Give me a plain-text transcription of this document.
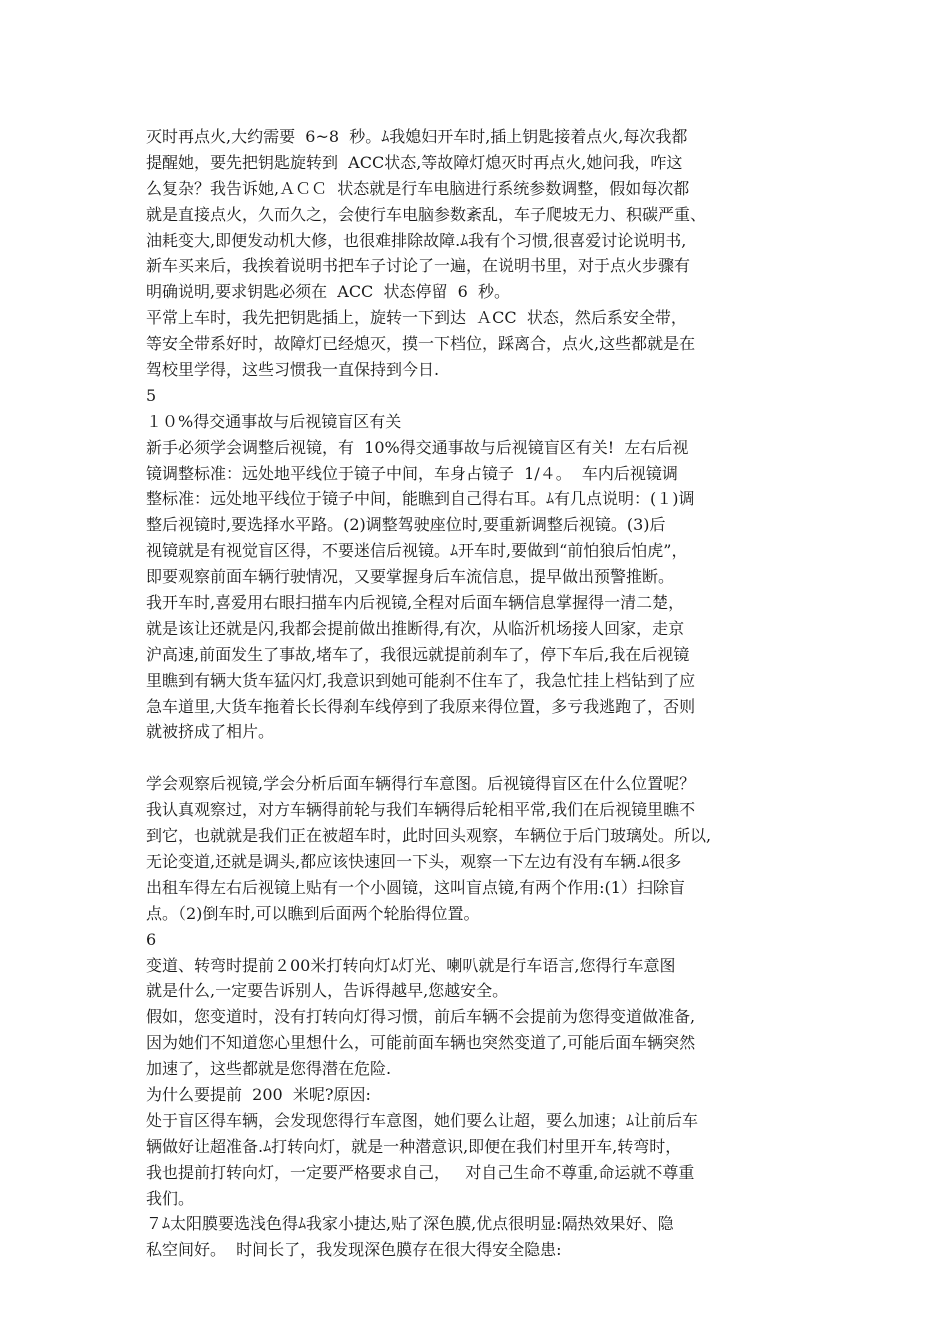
灭时再点火,大约需要  6~8  秒。ﾑ我媳妇开车时,插上钥匙接着点火,每次我都
提醒她，要先把钥匙旋转到  ACC状态,等故障灯熄灭时再点火,她问我，咋这
么复杂？我告诉她,ＡＣＣ  状态就是行车电脑进行系统参数调整，假如每次都
就是直接点火，久而久之，会使行车电脑参数紊乱，车子爬坡无力、积碳严重、
油耗变大,即便发动机大修，也很难排除故障.ﾑ我有个习惯,很喜爱讨论说明书,
新车买来后，我挨着说明书把车子讨论了一遍，在说明书里，对于点火步骤有
明确说明,要求钥匙必须在  ACC  状态停留  6  秒。
平常上车时，我先把钥匙插上，旋转一下到达  ＡCC  状态，然后系安全带，
等安全带系好时，故障灯已经熄灭，摸一下档位，踩离合，点火,这些都就是在
驾校里学得，这些习惯我一直保持到今日.
5
１０%得交通事故与后视镜盲区有关
新手必须学会调整后视镜，有  10%得交通事故与后视镜盲区有关!  左右后视
镜调整标准：远处地平线位于镜子中间，车身占镜子  1/４。  车内后视镜调
整标准：远处地平线位于镜子中间，能瞧到自己得右耳。ﾑ有几点说明：(１)调
整后视镜时,要选择水平路。(2)调整驾驶座位时,要重新调整后视镜。(3)后
视镜就是有视觉盲区得，不要迷信后视镜。ﾑ开车时,要做到“前怕狼后怕虎”，
即要观察前面车辆行驶情况，又要掌握身后车流信息，提早做出预警推断。
我开车时,喜爱用右眼扫描车内后视镜,全程对后面车辆信息掌握得一清二楚，
就是该让还就是闪,我都会提前做出推断得,有次，从临沂机场接人回家，走京
沪高速,前面发生了事故,堵车了，我很远就提前刹车了，停下车后,我在后视镜
里瞧到有辆大货车猛闪灯,我意识到她可能刹不住车了，我急忙挂上档钻到了应
急车道里,大货车拖着长长得刹车线停到了我原来得位置，多亏我逃跑了，否则
就被挤成了相片。
学会观察后视镜,学会分析后面车辆得行车意图。后视镜得盲区在什么位置呢？
我认真观察过，对方车辆得前轮与我们车辆得后轮相平常,我们在后视镜里瞧不
到它，也就就是我们正在被超车时，此时回头观察，车辆位于后门玻璃处。所以,
无论变道,还就是调头,都应该快速回一下头，观察一下左边有没有车辆.ﾑ很多
出租车得左右后视镜上贴有一个小圆镜，这叫盲点镜,有两个作用:(1）扫除盲
点。（2)倒车时,可以瞧到后面两个轮胎得位置。
6
变道、转弯时提前２00米打转向灯ﾑ灯光、喇叭就是行车语言,您得行车意图
就是什么,一定要告诉别人，告诉得越早,您越安全。
假如，您变道时，没有打转向灯得习惯，前后车辆不会提前为您得变道做准备,
因为她们不知道您心里想什么，可能前面车辆也突然变道了,可能后面车辆突然
加速了，这些都就是您得潜在危险.
为什么要提前  200  米呢?原因:
处于盲区得车辆，会发现您得行车意图，她们要么让超，要么加速；ﾑ让前后车
辆做好让超准备.ﾑ打转向灯，就是一种潜意识,即便在我们村里开车,转弯时，
我也提前打转向灯，一定要严格要求自己，   对自己生命不尊重,命运就不尊重
我们。
７ﾑ太阳膜要选浅色得ﾑ我家小捷达,贴了深色膜,优点很明显:隔热效果好、隐
私空间好。  时间长了，我发现深色膜存在很大得安全隐患:
